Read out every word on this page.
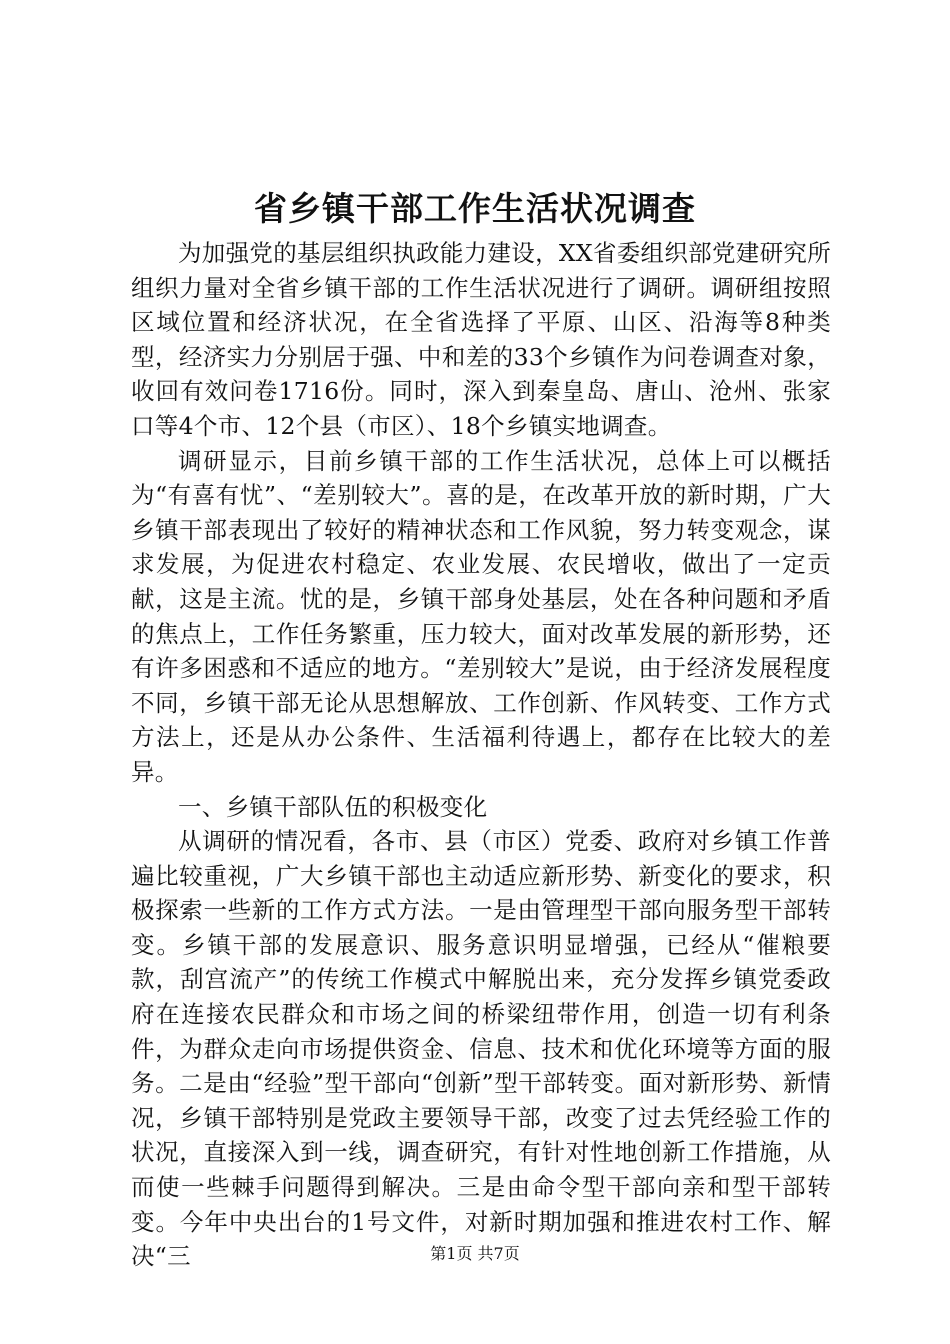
省乡镇干部工作生活状况调查

为加强党的基层组织执政能力建设，XX省委组织部党建研究所组织力量对全省乡镇干部的工作生活状况进行了调研。调研组按照区域位置和经济状况，在全省选择了平原、山区、沿海等8种类型，经济实力分别居于强、中和差的33个乡镇作为问卷调查对象，收回有效问卷1716份。同时，深入到秦皇岛、唐山、沧州、张家口等4个市、12个县（市区）、18个乡镇实地调查。

调研显示，目前乡镇干部的工作生活状况，总体上可以概括为“有喜有忧”、“差别较大”。喜的是，在改革开放的新时期，广大乡镇干部表现出了较好的精神状态和工作风貌，努力转变观念，谋求发展，为促进农村稳定、农业发展、农民增收，做出了一定贡献，这是主流。忧的是，乡镇干部身处基层，处在各种问题和矛盾的焦点上，工作任务繁重，压力较大，面对改革发展的新形势，还有许多困惑和不适应的地方。“差别较大”是说，由于经济发展程度不同，乡镇干部无论从思想解放、工作创新、作风转变、工作方式方法上，还是从办公条件、生活福利待遇上，都存在比较大的差异。

一、乡镇干部队伍的积极变化

从调研的情况看，各市、县（市区）党委、政府对乡镇工作普遍比较重视，广大乡镇干部也主动适应新形势、新变化的要求，积极探索一些新的工作方式方法。一是由管理型干部向服务型干部转变。乡镇干部的发展意识、服务意识明显增强，已经从“催粮要款，刮宫流产”的传统工作模式中解脱出来，充分发挥乡镇党委政府在连接农民群众和市场之间的桥梁纽带作用，创造一切有利条件，为群众走向市场提供资金、信息、技术和优化环境等方面的服务。二是由“经验”型干部向“创新”型干部转变。面对新形势、新情况，乡镇干部特别是党政主要领导干部，改变了过去凭经验工作的状况，直接深入到一线，调查研究，有针对性地创新工作措施，从而使一些棘手问题得到解决。三是由命令型干部向亲和型干部转变。今年中央出台的1号文件，对新时期加强和推进农村工作、解决“三	第1页 共7页
